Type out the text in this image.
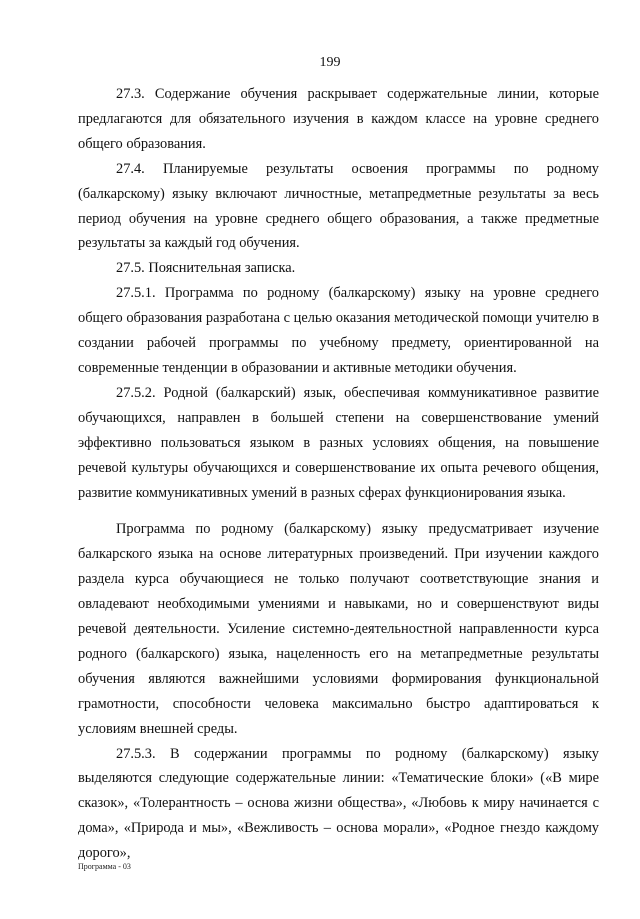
199

27.3. Содержание обучения раскрывает содержательные линии, которые предлагаются для обязательного изучения в каждом классе на уровне среднего общего образования.

27.4. Планируемые результаты освоения программы по родному (балкарскому) языку включают личностные, метапредметные результаты за весь период обучения на уровне среднего общего образования, а также предметные результаты за каждый год обучения.

27.5. Пояснительная записка.

27.5.1. Программа по родному (балкарскому) языку на уровне среднего общего образования разработана с целью оказания методической помощи учителю в создании рабочей программы по учебному предмету, ориентированной на современные тенденции в образовании и активные методики обучения.

27.5.2. Родной (балкарский) язык, обеспечивая коммуникативное развитие обучающихся, направлен в большей степени на совершенствование умений эффективно пользоваться языком в разных условиях общения, на повышение речевой культуры обучающихся и совершенствование их опыта речевого общения, развитие коммуникативных умений в разных сферах функционирования языка.

Программа по родному (балкарскому) языку предусматривает изучение балкарского языка на основе литературных произведений. При изучении каждого раздела курса обучающиеся не только получают соответствующие знания и овладевают необходимыми умениями и навыками, но и совершенствуют виды речевой деятельности. Усиление системно-деятельностной направленности курса родного (балкарского) языка, нацеленность его на метапредметные результаты обучения являются важнейшими условиями формирования функциональной грамотности, способности человека максимально быстро адаптироваться к условиям внешней среды.

27.5.3. В содержании программы по родному (балкарскому) языку выделяются следующие содержательные линии: «Тематические блоки» («В мире сказок», «Толерантность – основа жизни общества», «Любовь к миру начинается с дома», «Природа и мы», «Вежливость – основа морали», «Родное гнездо каждому дорого»,

Программа - 03
